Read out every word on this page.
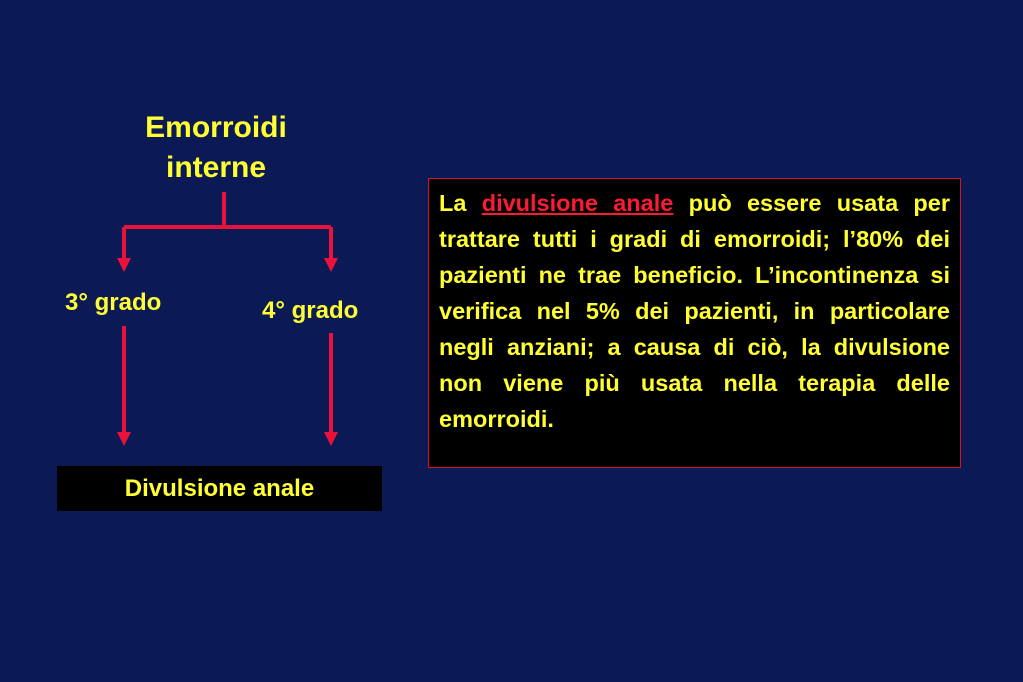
Emorroidi
interne
3° grado	4° grado
Divulsione anale
La divulsione anale può essere usata per trattare tutti i gradi di emorroidi; l’80% dei pazienti ne trae beneficio. L’incontinenza si verifica nel 5% dei pazienti, in particolare negli anziani; a causa di ciò, la divulsione non viene più usata nella terapia delle emorroidi.
